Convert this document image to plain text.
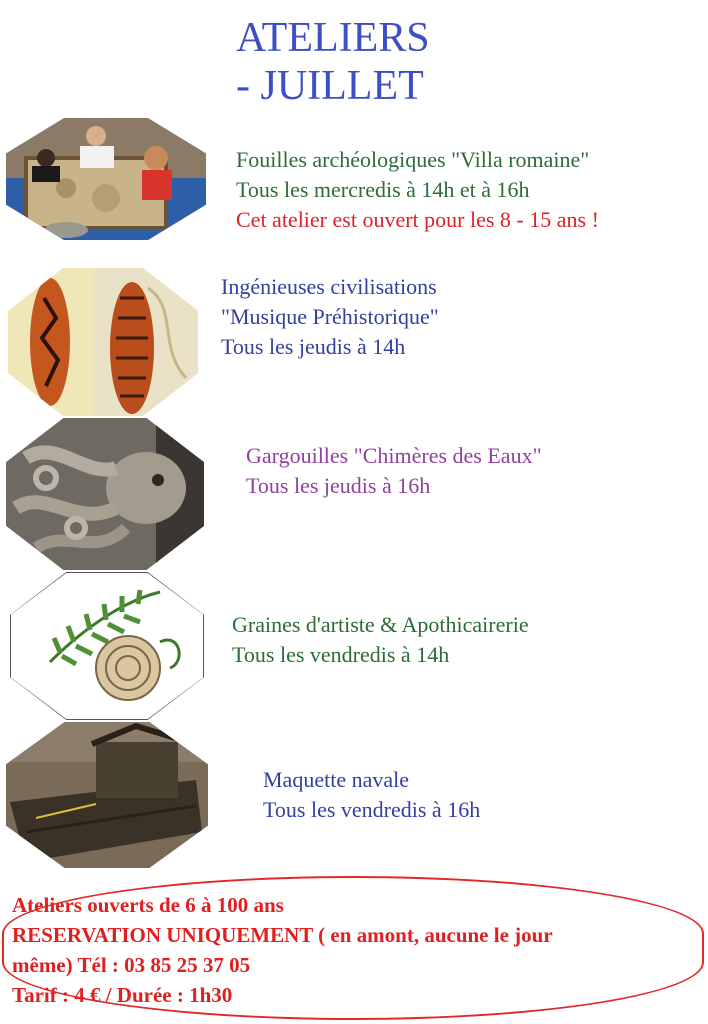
ATELIERS
- JUILLET
Fouilles archéologiques "Villa romaine"
Tous les mercredis à 14h et à 16h
Cet atelier est ouvert pour les 8 - 15 ans !
Ingénieuses civilisations
"Musique Préhistorique"
Tous les jeudis à 14h
Gargouilles "Chimères des Eaux"
Tous les jeudis à 16h
Graines d'artiste & Apothicairerie
Tous les vendredis à 14h
Maquette navale
Tous les vendredis à 16h
Ateliers ouverts de 6 à 100 ans
RESERVATION UNIQUEMENT ( en amont, aucune le jour
même) Tél : 03 85 25 37 05
Tarif : 4 € / Durée : 1h30
